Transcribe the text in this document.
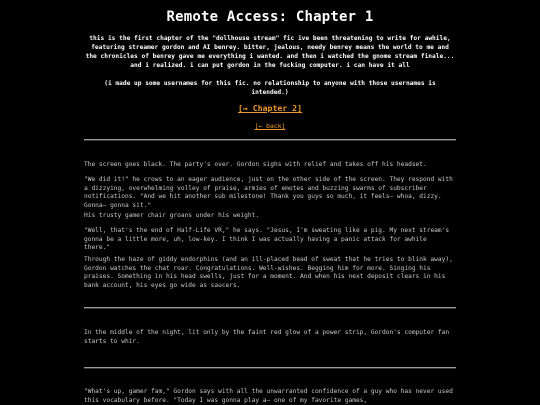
Remote Access: Chapter 1
this is the first chapter of the "dollhouse stream" fic ive been threatening to write for awhile, featuring streamer gordon and AI benrey. bitter, jealous, needy benrey means the world to me and the chronicles of benrey gave me everything i wanted. and then i watched the gnome stream finale... and i realized. i can put gordon in the fucking computer. i can have it all
(i made up some usernames for this fic. no relationship to anyone with those usernames is intended.)
[→ Chapter 2]
[← back]

The screen goes black. The party's over. Gordon sighs with relief and takes off his headset.

"We did it!" he crows to an eager audience, just on the other side of the screen. They respond with a dizzying, overwhelming volley of praise, armies of emotes and buzzing swarms of subscriber notifications. "And we hit another sub milestone! Thank you guys so much, it feels— whoa, dizzy. Gonna— gonna sit."

His trusty gamer chair groans under his weight.

"Well, that's the end of Half-Life VR," he says. "Jesus, I'm sweating like a pig. My next stream's gonna be a little more, uh, low-key. I think I was actually having a panic attack for awhile there."

Through the haze of giddy endorphins (and an ill-placed bead of sweat that he tries to blink away), Gordon watches the chat roar. Congratulations. Well-wishes. Begging him for more. Singing his praises. Something in his head swells, just for a moment. And when his next deposit clears in his bank account, his eyes go wide as saucers.

In the middle of the night, lit only by the faint red glow of a power strip, Gordon's computer fan starts to whir.

"What's up, gamer fam," Gordon says with all the unwarranted confidence of a guy who has never used this vocabulary before. "Today I was gonna play a— one of my favorite games,
